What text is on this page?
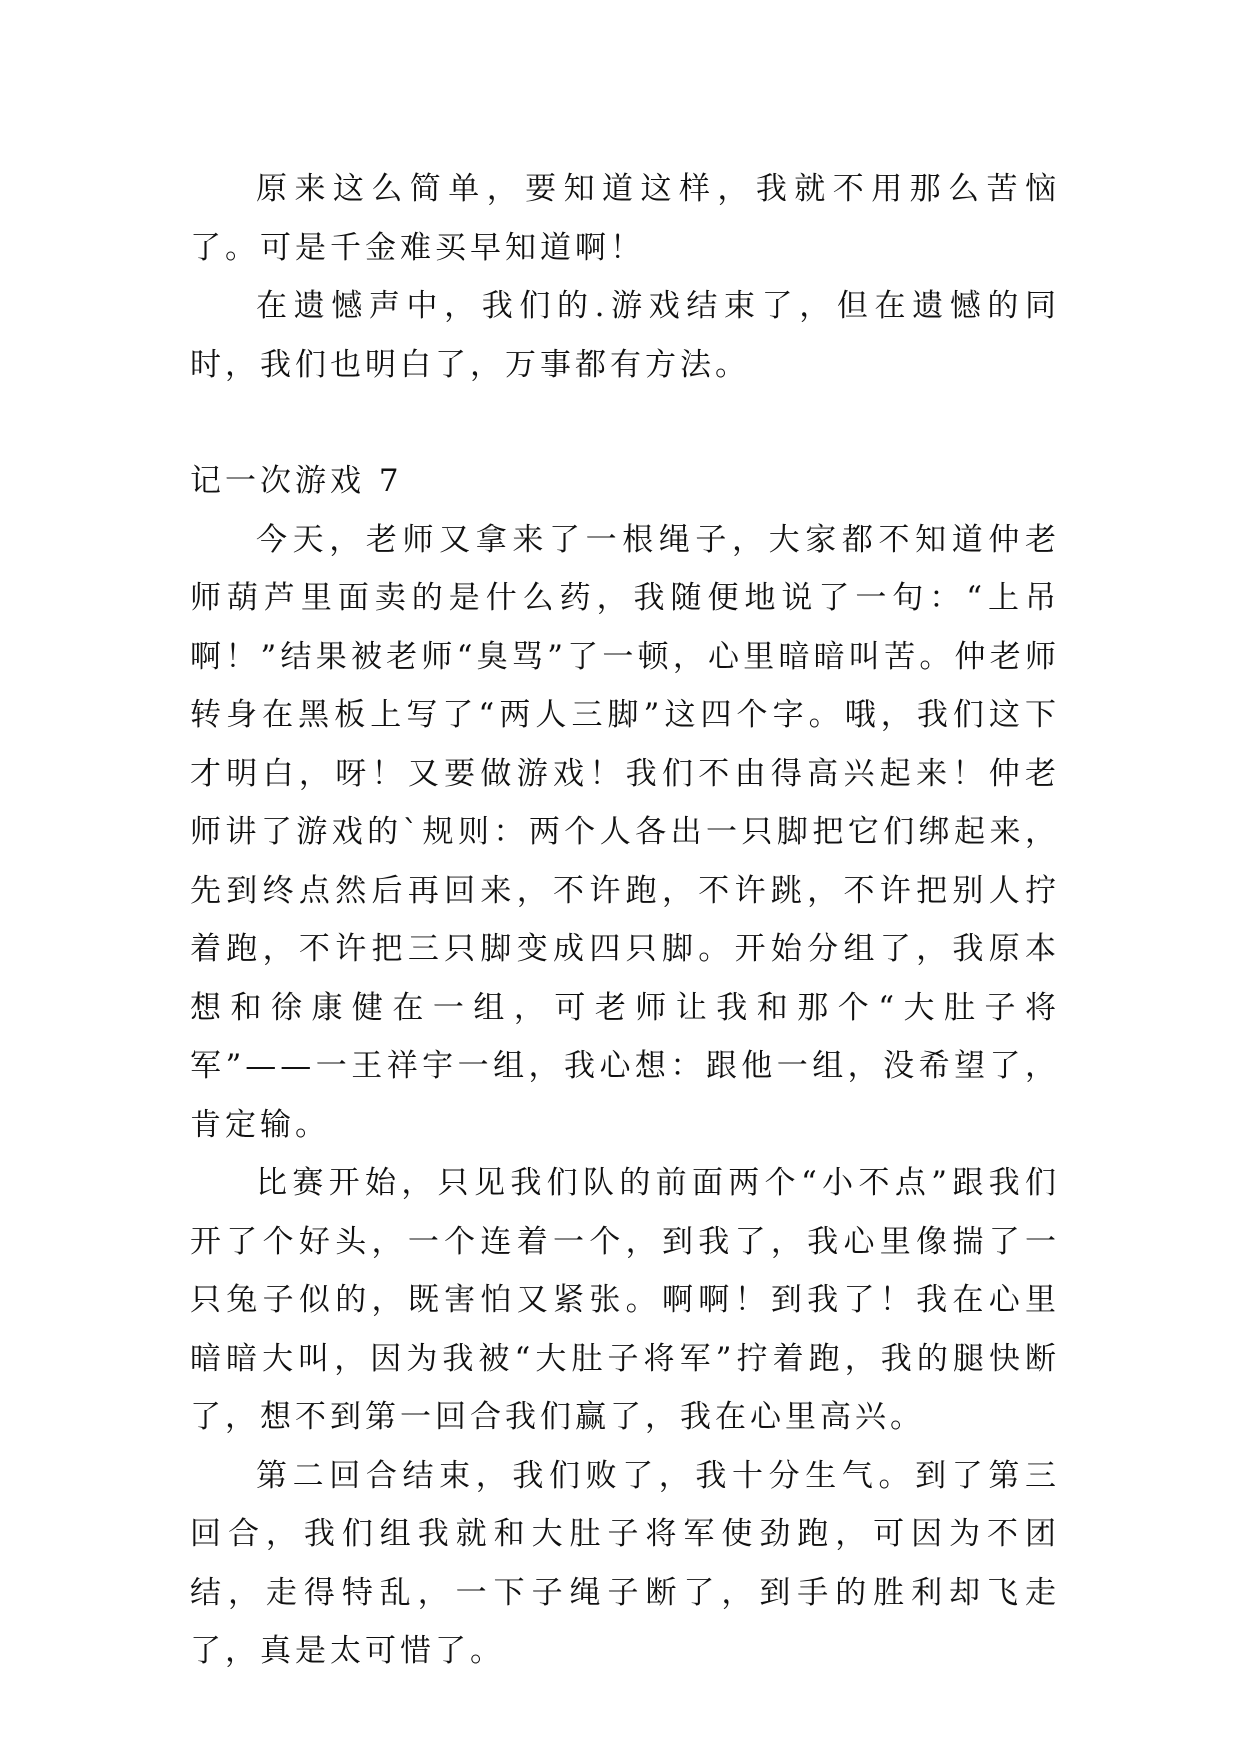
原来这么简单，要知道这样，我就不用那么苦恼了。可是千金难买早知道啊！

在遗憾声中，我们的.游戏结束了，但在遗憾的同时，我们也明白了，万事都有方法。

记一次游戏 7

今天，老师又拿来了一根绳子，大家都不知道仲老师葫芦里面卖的是什么药，我随便地说了一句：“上吊啊！”结果被老师“臭骂”了一顿，心里暗暗叫苦。仲老师转身在黑板上写了“两人三脚”这四个字。哦，我们这下才明白，呀！又要做游戏！我们不由得高兴起来！仲老师讲了游戏的`规则：两个人各出一只脚把它们绑起来，先到终点然后再回来，不许跑，不许跳，不许把别人拧着跑，不许把三只脚变成四只脚。开始分组了，我原本想和徐康健在一组，可老师让我和那个“大肚子将军”——一王祥宇一组，我心想：跟他一组，没希望了，肯定输。

比赛开始，只见我们队的前面两个“小不点”跟我们开了个好头，一个连着一个，到我了，我心里像揣了一只兔子似的，既害怕又紧张。啊啊！到我了！我在心里暗暗大叫，因为我被“大肚子将军”拧着跑，我的腿快断了，想不到第一回合我们赢了，我在心里高兴。

第二回合结束，我们败了，我十分生气。到了第三回合，我们组我就和大肚子将军使劲跑，可因为不团结，走得特乱，一下子绳子断了，到手的胜利却飞走了，真是太可惜了。
